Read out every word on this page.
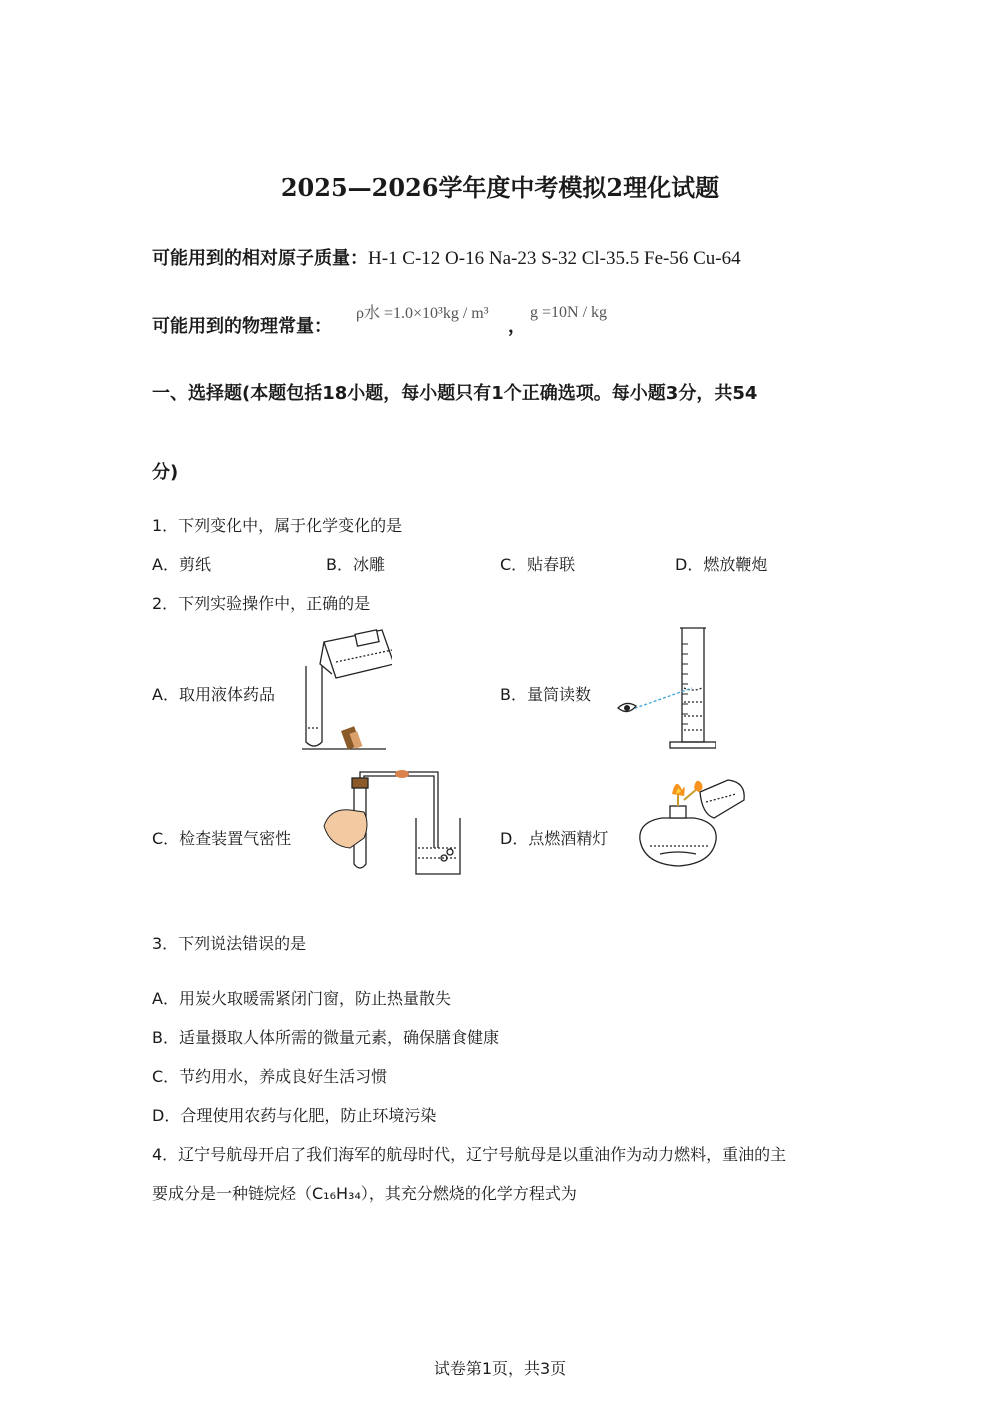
2025—2026学年度中考模拟2理化试题
可能用到的相对原子质量：H-1 C-12 O-16 Na-23 S-32 Cl-35.5 Fe-56 Cu-64
可能用到的物理常量：
ρ水 =1.0×10³kg / m³
，
g =10N / kg
一、选择题(本题包括18小题，每小题只有1个正确选项。每小题3分，共54
分)
1．下列变化中，属于化学变化的是
A．剪纸	B．冰雕	C．贴春联	D．燃放鞭炮
2．下列实验操作中，正确的是
A．取用液体药品	B．量筒读数
C．检查装置气密性	D．点燃酒精灯
3．下列说法错误的是
A．用炭火取暖需紧闭门窗，防止热量散失
B．适量摄取人体所需的微量元素，确保膳食健康
C．节约用水，养成良好生活习惯
D．合理使用农药与化肥，防止环境污染
4．辽宁号航母开启了我们海军的航母时代，辽宁号航母是以重油作为动力燃料，重油的主
要成分是一种链烷烃（C₁₆H₃₄），其充分燃烧的化学方程式为
试卷第1页，共3页
